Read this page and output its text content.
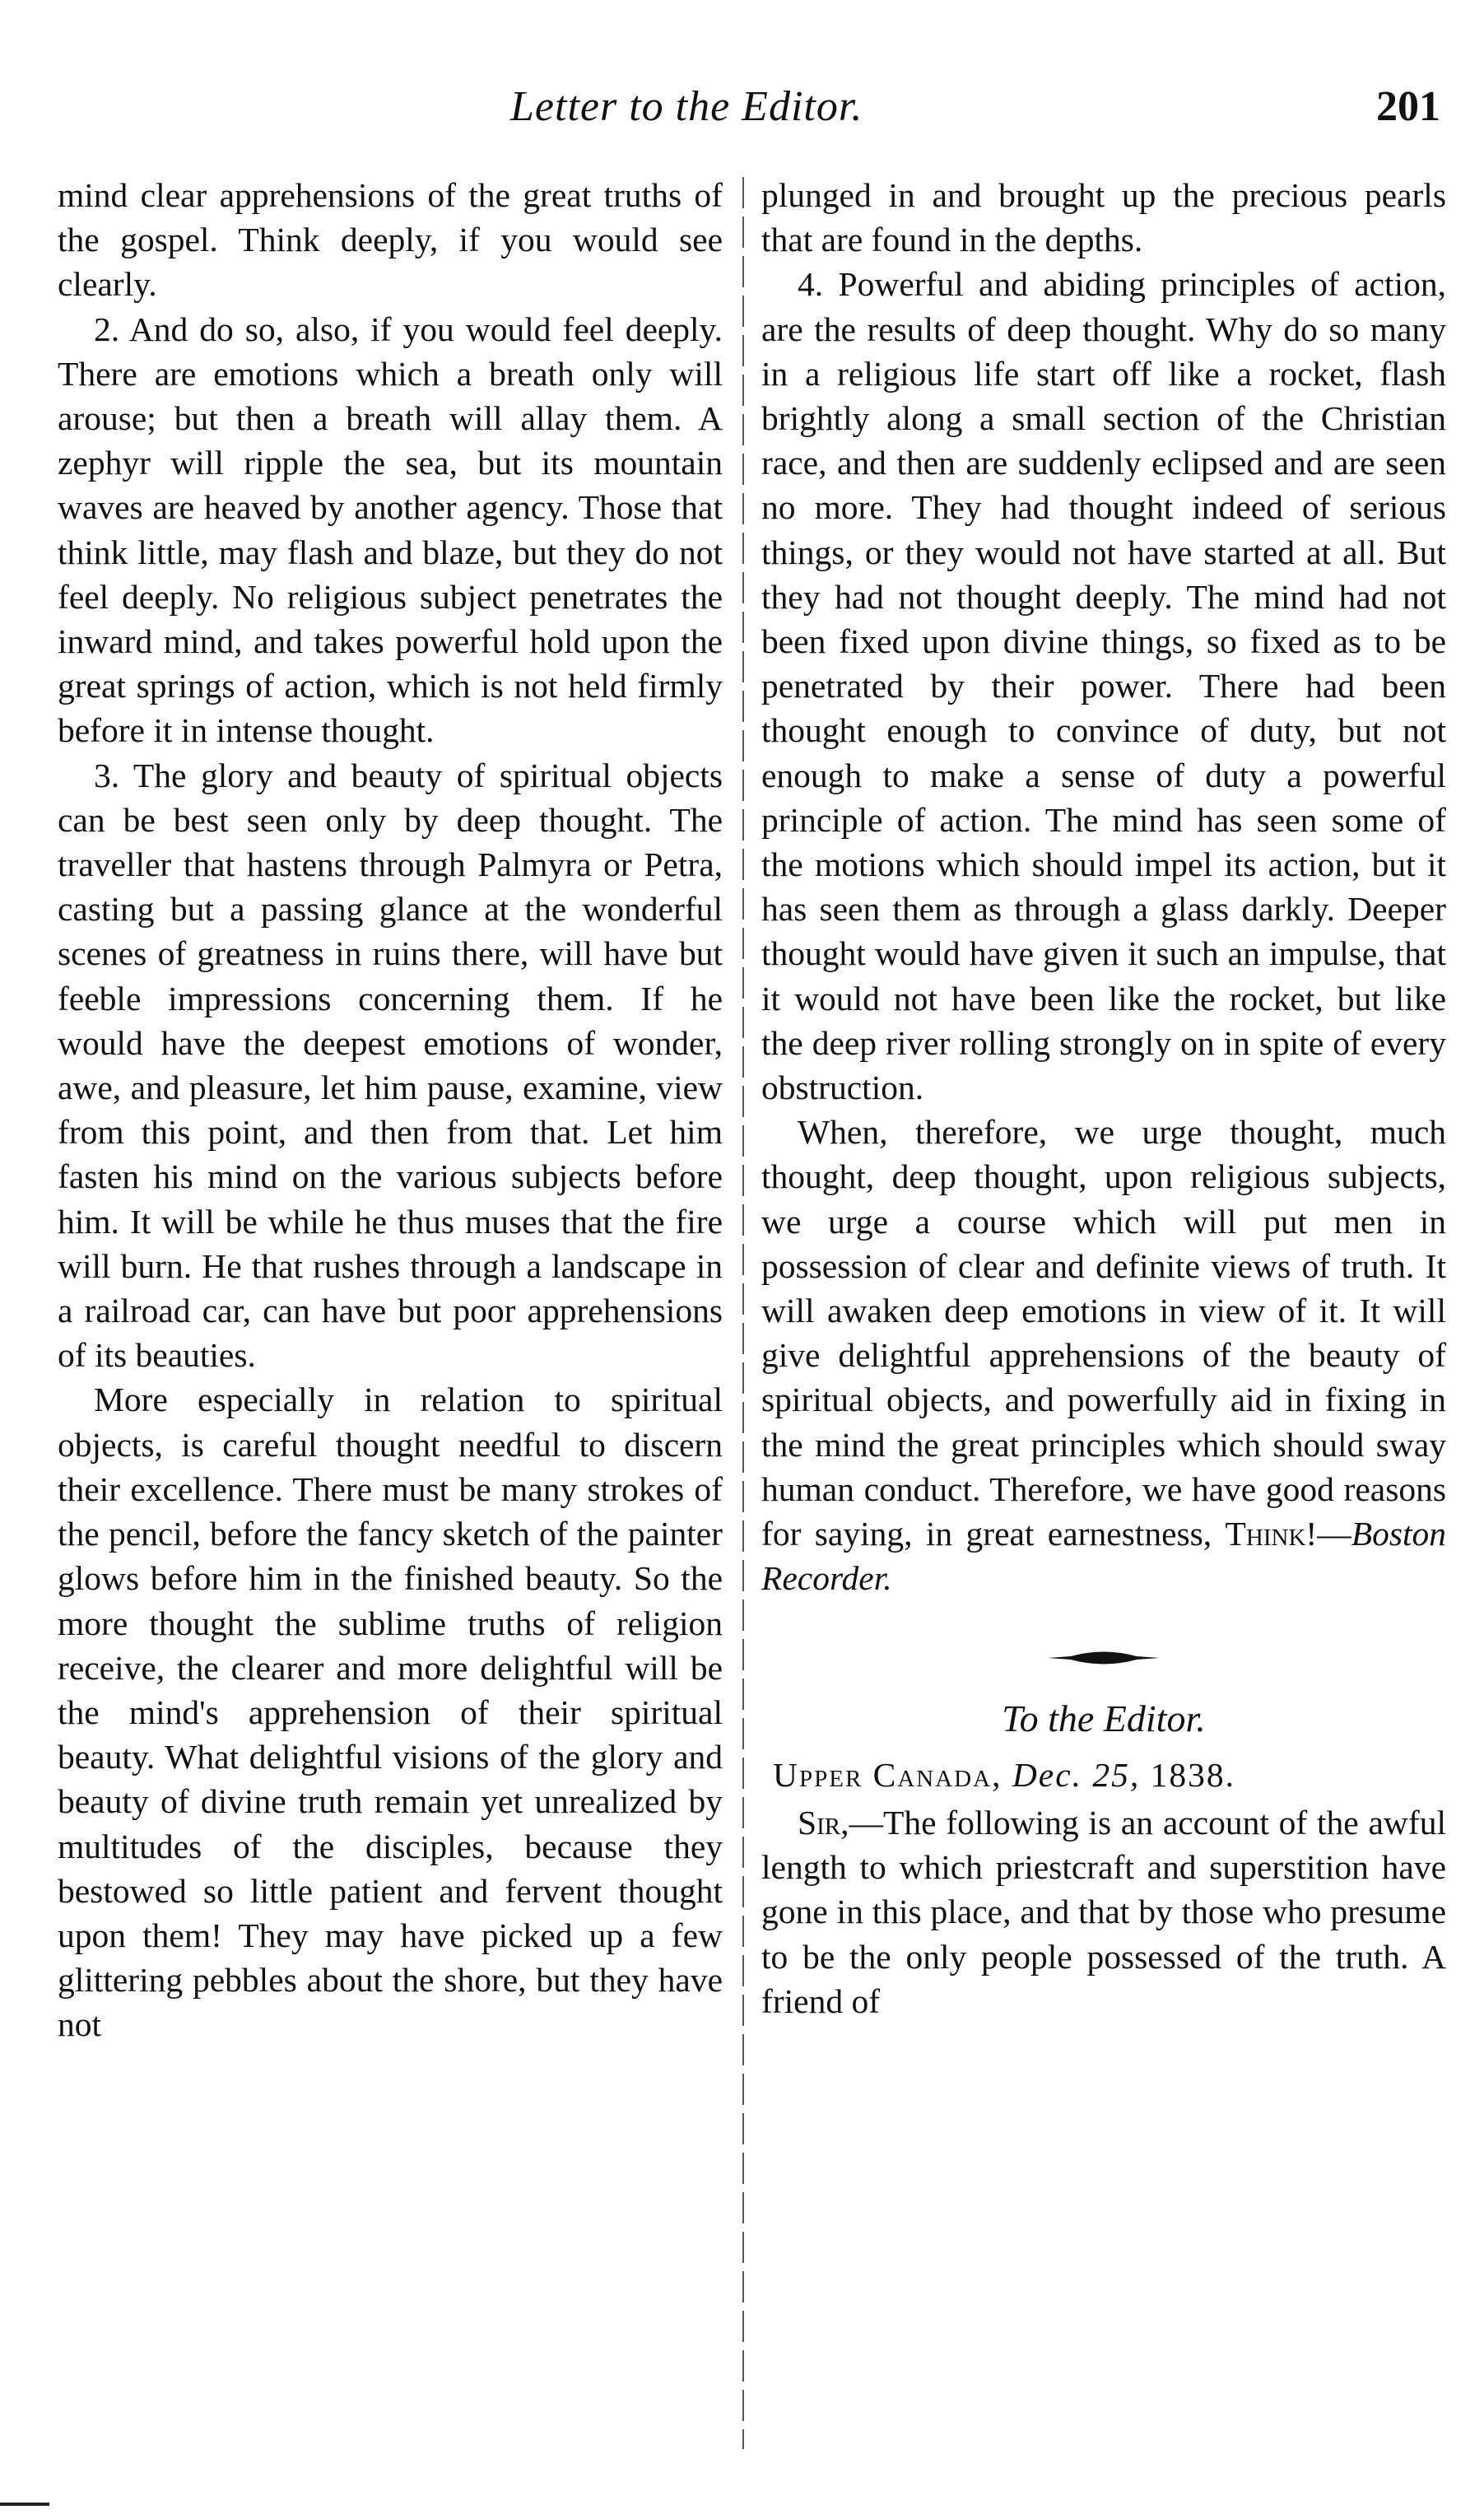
Letter to the Editor.	201

mind clear apprehensions of the great truths of the gospel. Think deeply, if you would see clearly.

2. And do so, also, if you would feel deeply. There are emotions which a breath only will arouse; but then a breath will allay them. A zephyr will ripple the sea, but its mountain waves are heaved by another agency. Those that think little, may flash and blaze, but they do not feel deeply. No religious subject penetrates the inward mind, and takes powerful hold upon the great springs of action, which is not held firmly before it in intense thought.

3. The glory and beauty of spiritual objects can be best seen only by deep thought. The traveller that hastens through Palmyra or Petra, casting but a passing glance at the wonderful scenes of greatness in ruins there, will have but feeble impressions concerning them. If he would have the deepest emotions of wonder, awe, and pleasure, let him pause, examine, view from this point, and then from that. Let him fasten his mind on the various subjects before him. It will be while he thus muses that the fire will burn. He that rushes through a landscape in a railroad car, can have but poor apprehensions of its beauties.

More especially in relation to spiritual objects, is careful thought needful to discern their excellence. There must be many strokes of the pencil, before the fancy sketch of the painter glows before him in the finished beauty. So the more thought the sublime truths of religion receive, the clearer and more delightful will be the mind's apprehension of their spiritual beauty. What delightful visions of the glory and beauty of divine truth remain yet unrealized by multitudes of the disciples, because they bestowed so little patient and fervent thought upon them! They may have picked up a few glittering pebbles about the shore, but they have not

plunged in and brought up the precious pearls that are found in the depths.

4. Powerful and abiding principles of action, are the results of deep thought. Why do so many in a religious life start off like a rocket, flash brightly along a small section of the Christian race, and then are suddenly eclipsed and are seen no more. They had thought indeed of serious things, or they would not have started at all. But they had not thought deeply. The mind had not been fixed upon divine things, so fixed as to be penetrated by their power. There had been thought enough to convince of duty, but not enough to make a sense of duty a powerful principle of action. The mind has seen some of the motions which should impel its action, but it has seen them as through a glass darkly. Deeper thought would have given it such an impulse, that it would not have been like the rocket, but like the deep river rolling strongly on in spite of every obstruction.

When, therefore, we urge thought, much thought, deep thought, upon religious subjects, we urge a course which will put men in possession of clear and definite views of truth. It will awaken deep emotions in view of it. It will give delightful apprehensions of the beauty of spiritual objects, and powerfully aid in fixing in the mind the great principles which should sway human conduct. Therefore, we have good reasons for saying, in great earnestness, Think!—Boston Recorder.

To the Editor.

Upper Canada, Dec. 25, 1838.

Sir,—The following is an account of the awful length to which priestcraft and superstition have gone in this place, and that by those who presume to be the only people possessed of the truth. A friend of
